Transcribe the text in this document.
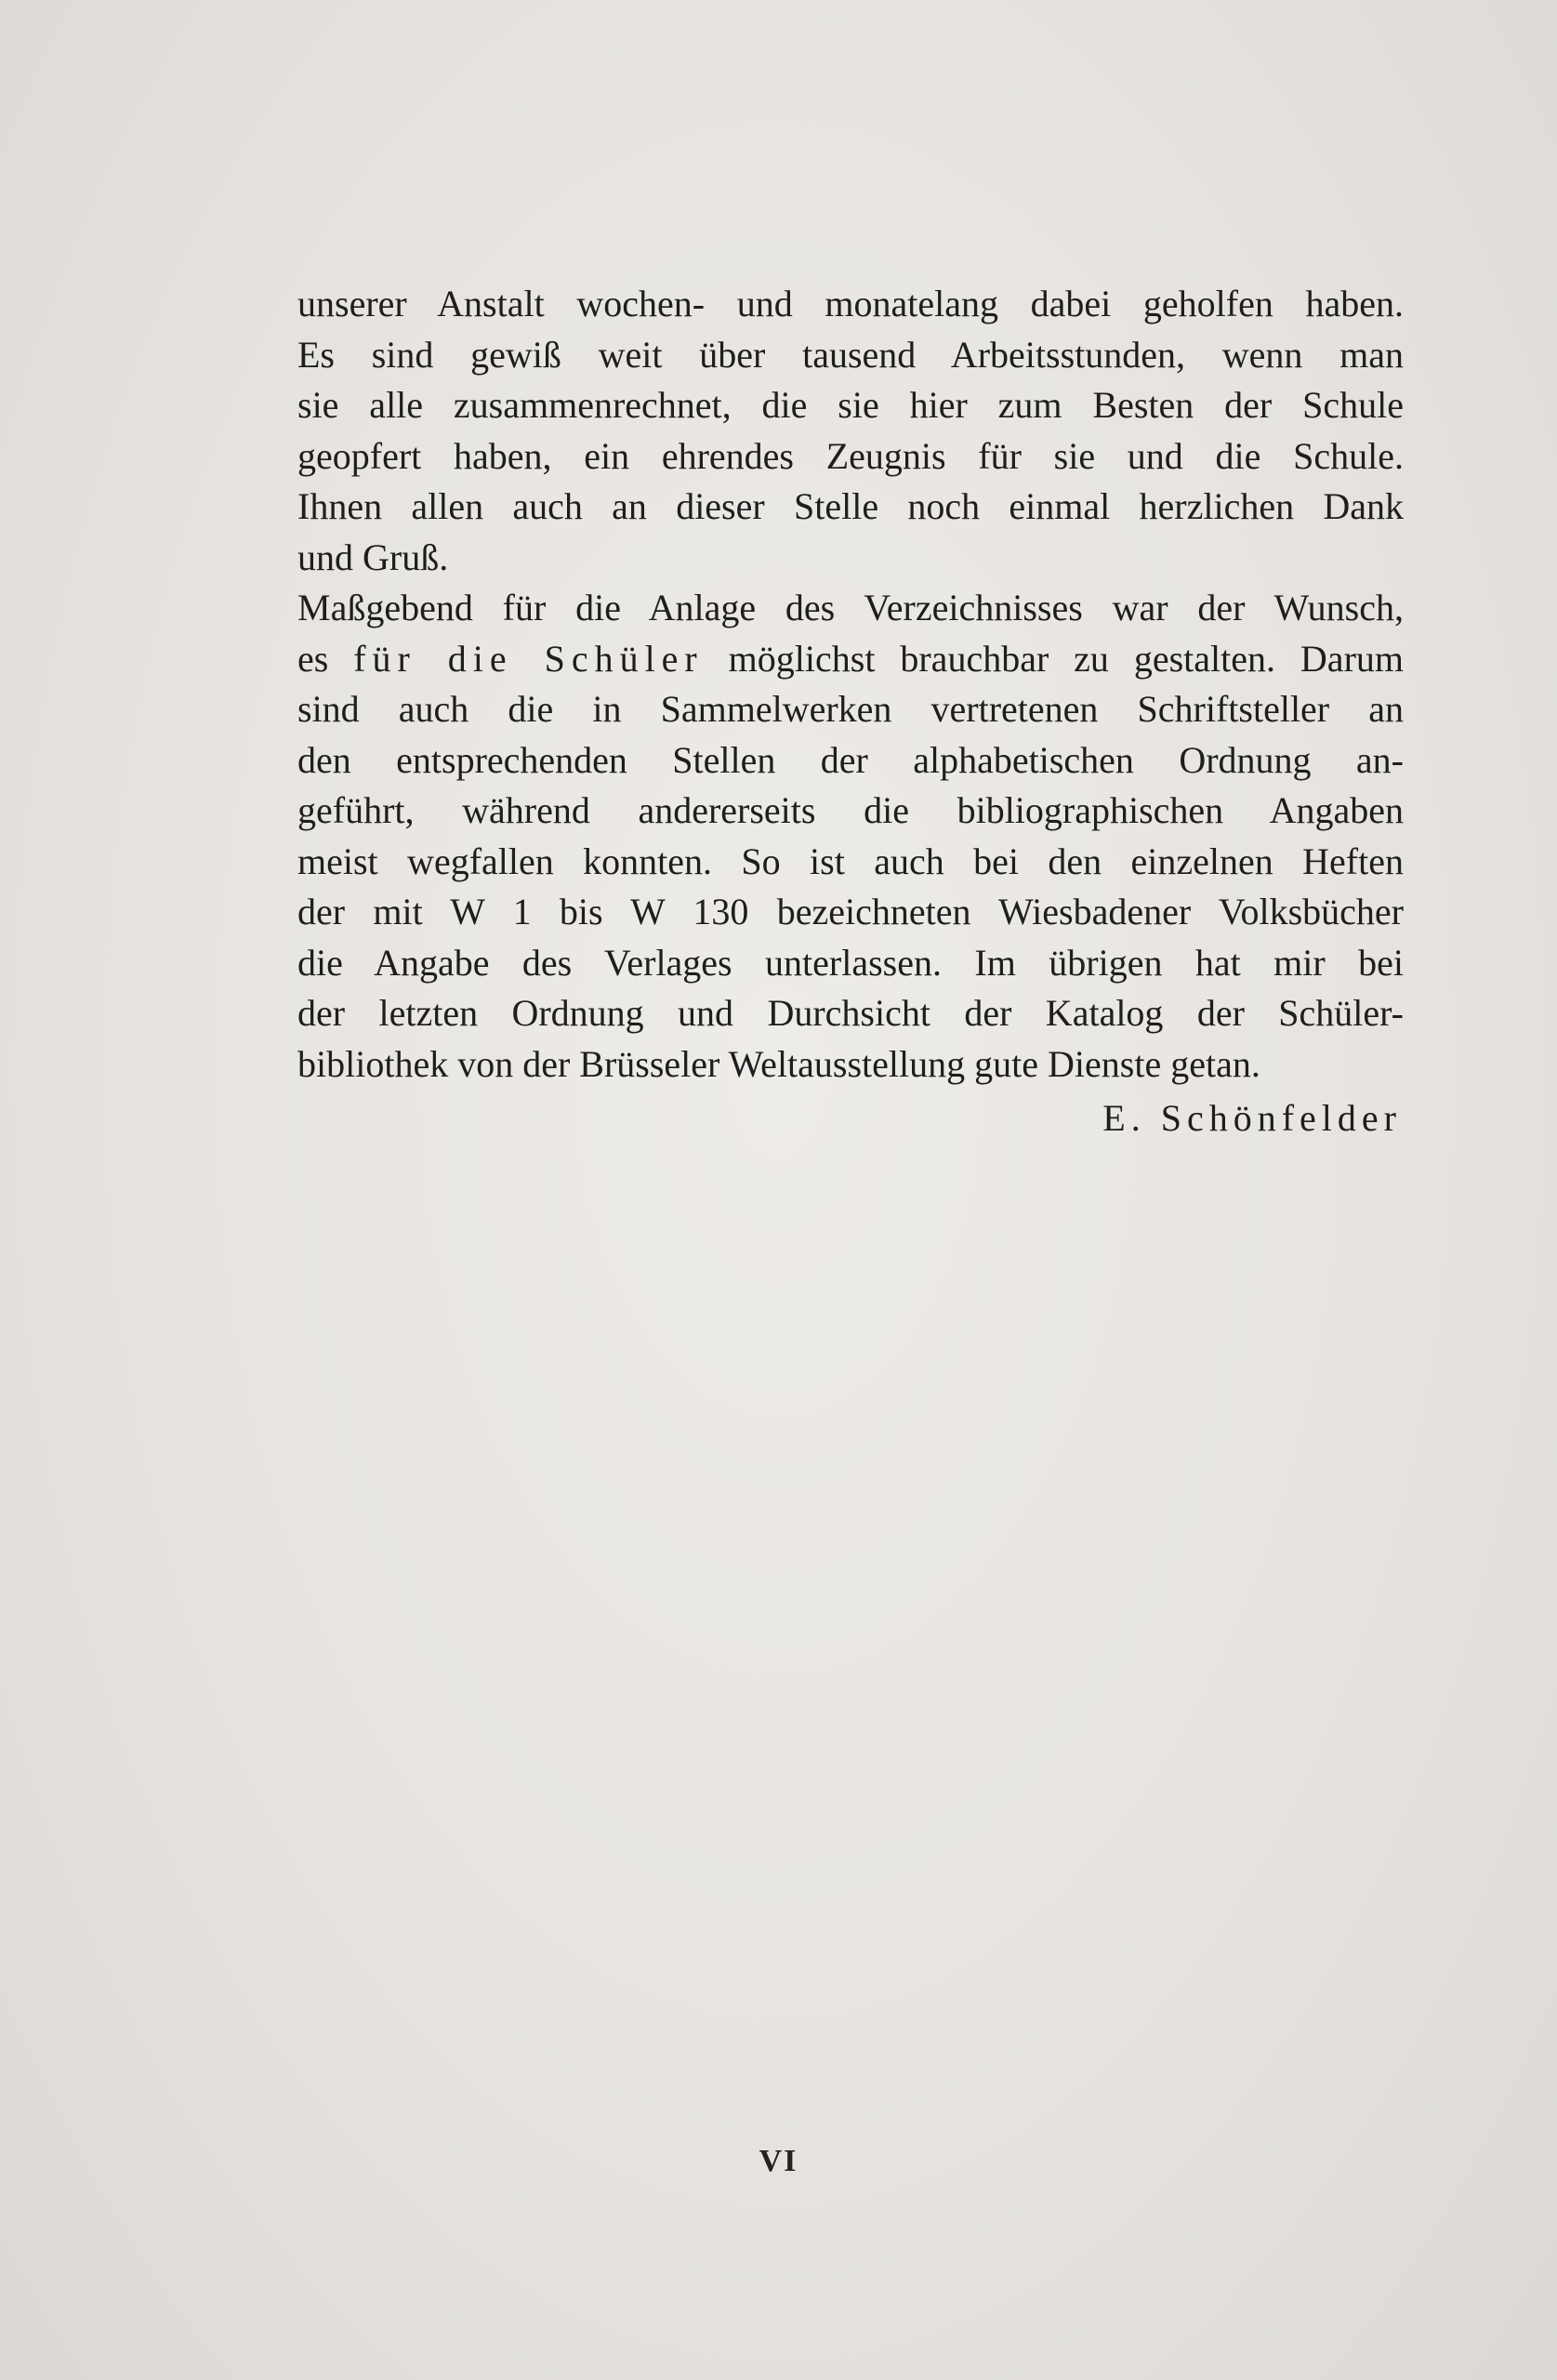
unserer Anstalt wochen- und monatelang dabei geholfen haben.
Es sind gewiß weit über tausend Arbeitsstunden, wenn man
sie alle zusammenrechnet, die sie hier zum Besten der Schule
geopfert haben, ein ehrendes Zeugnis für sie und die Schule.
Ihnen allen auch an dieser Stelle noch einmal herzlichen Dank
und Gruß.
Maßgebend für die Anlage des Verzeichnisses war der Wunsch,
es für die Schüler möglichst brauchbar zu gestalten. Darum
sind auch die in Sammelwerken vertretenen Schriftsteller an
den entsprechenden Stellen der alphabetischen Ordnung an-
geführt, während andererseits die bibliographischen Angaben
meist wegfallen konnten. So ist auch bei den einzelnen Heften
der mit W 1 bis W 130 bezeichneten Wiesbadener Volksbücher
die Angabe des Verlages unterlassen. Im übrigen hat mir bei
der letzten Ordnung und Durchsicht der Katalog der Schüler-
bibliothek von der Brüsseler Weltausstellung gute Dienste getan.
E. Schönfelder
VI
